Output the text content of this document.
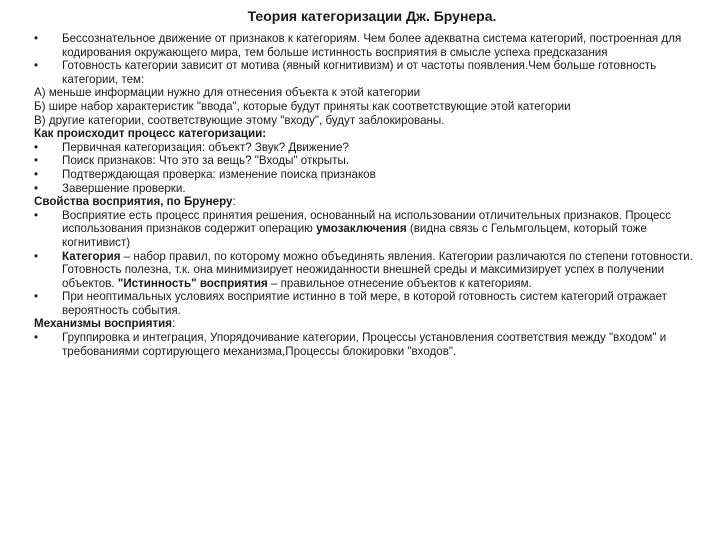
Теория категоризации Дж. Брунера.

• Бессознательное движение от признаков к категориям. Чем более адекватна система категорий, построенная для кодирования окружающего мира, тем больше истинность восприятия в смысле успеха предсказания

• Готовность категории зависит от мотива (явный когнитивизм) и от частоты появления.Чем больше готовность категории, тем:

А) меньше информации нужно для отнесения объекта к этой категории

Б) шире набор характеристик "ввода", которые будут приняты как соответствующие этой категории

В) другие категории, соответствующие этому "входу", будут заблокированы.

Как происходит процесс категоризации:

• Первичная категоризация: объект? Звук? Движение?

• Поиск признаков: Что это за вещь? "Входы" открыты.

• Подтверждающая проверка: изменение поиска признаков

• Завершение проверки.

Свойства восприятия, по Брунеру:

• Восприятие есть процесс принятия решения, основанный на использовании отличительных признаков. Процесс использования признаков содержит операцию умозаключения (видна связь с Гельмгольцем, который тоже когнитивист)

• Категория – набор правил, по которому можно объединять явления. Категории различаются по степени готовности. Готовность полезна, т.к. она минимизирует неожиданности внешней среды и максимизирует успех в получении объектов. "Истинность" восприятия – правильное отнесение объектов к категориям.

• При неоптимальных условиях восприятие истинно в той мере, в которой готовность систем категорий отражает вероятность события.

Механизмы восприятия:

• Группировка и интеграция, Упорядочивание категории, Процессы установления соответствия между "входом" и требованиями сортирующего механизма,Процессы блокировки "входов".
